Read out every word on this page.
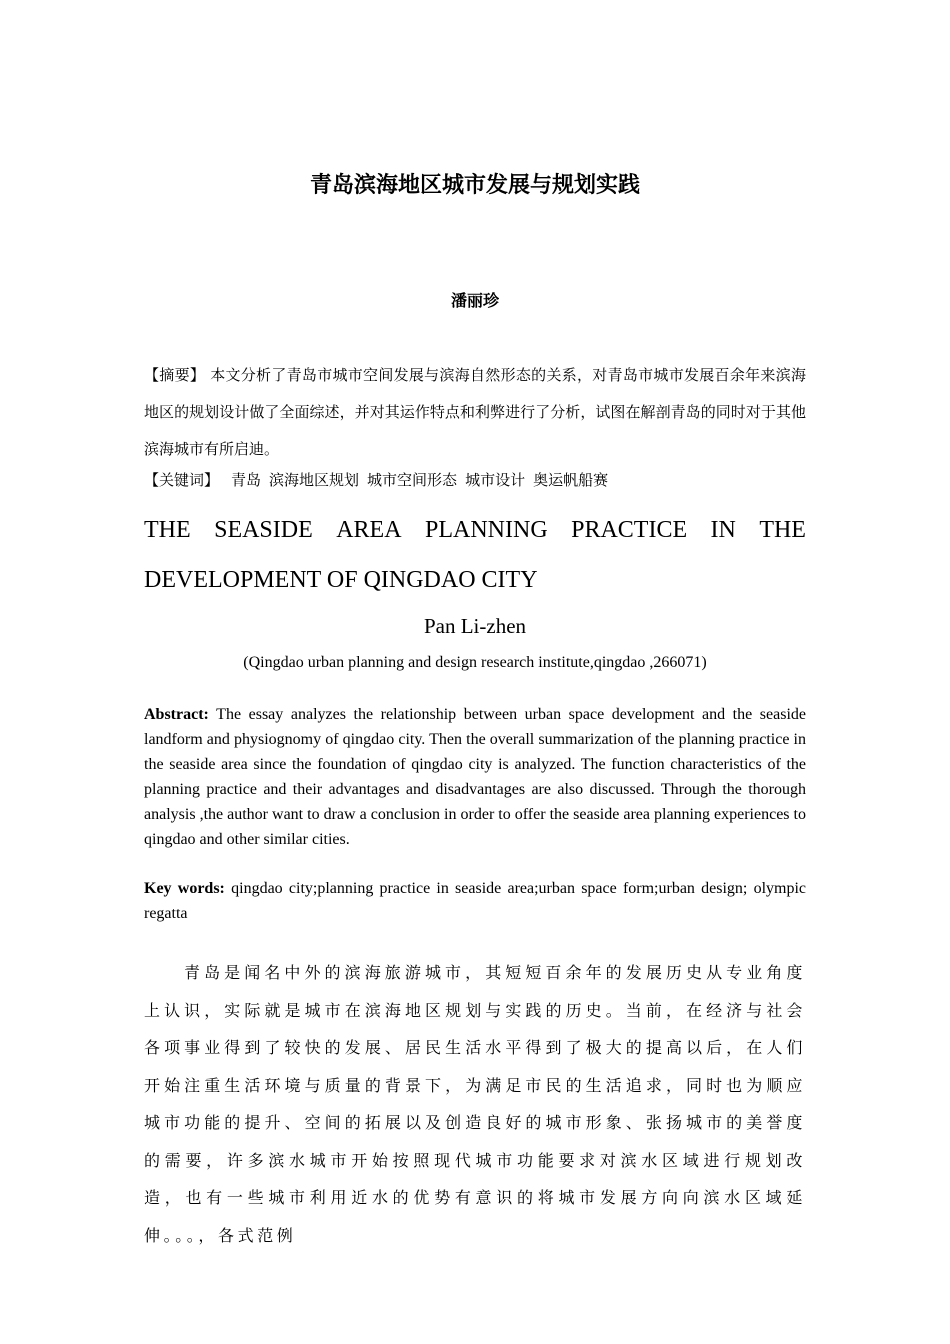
青岛滨海地区城市发展与规划实践
潘丽珍

【摘要】 本文分析了青岛市城市空间发展与滨海自然形态的关系，对青岛市城市发展百余年来滨海地区的规划设计做了全面综述，并对其运作特点和利弊进行了分析，试图在解剖青岛的同时对于其他滨海城市有所启迪。

【关键词】 青岛 滨海地区规划 城市空间形态 城市设计 奥运帆船赛

THE SEASIDE AREA PLANNING PRACTICE IN THE
DEVELOPMENT OF QINGDAO CITY
Pan Li-zhen
(Qingdao urban planning and design research institute,qingdao ,266071)

Abstract: The essay analyzes the relationship between urban space development and the seaside landform and physiognomy of qingdao city. Then the overall summarization of the planning practice in the seaside area since the foundation of qingdao city is analyzed. The function characteristics of the planning practice and their advantages and disadvantages are also discussed. Through the thorough analysis ,the author want to draw a conclusion in order to offer the seaside area planning experiences to qingdao and other similar cities.

Key words: qingdao city;planning practice in seaside area;urban space form;urban design; olympic regatta

青岛是闻名中外的滨海旅游城市，其短短百余年的发展历史从专业角度上认识，实际就是城市在滨海地区规划与实践的历史。当前，在经济与社会各项事业得到了较快的发展、居民生活水平得到了极大的提高以后，在人们开始注重生活环境与质量的背景下，为满足市民的生活追求，同时也为顺应城市功能的提升、空间的拓展以及创造良好的城市形象、张扬城市的美誉度的需要，许多滨水城市开始按照现代城市功能要求对滨水区域进行规划改造，也有一些城市利用近水的优势有意识的将城市发展方向向滨水区域延伸。。。，各式范例
